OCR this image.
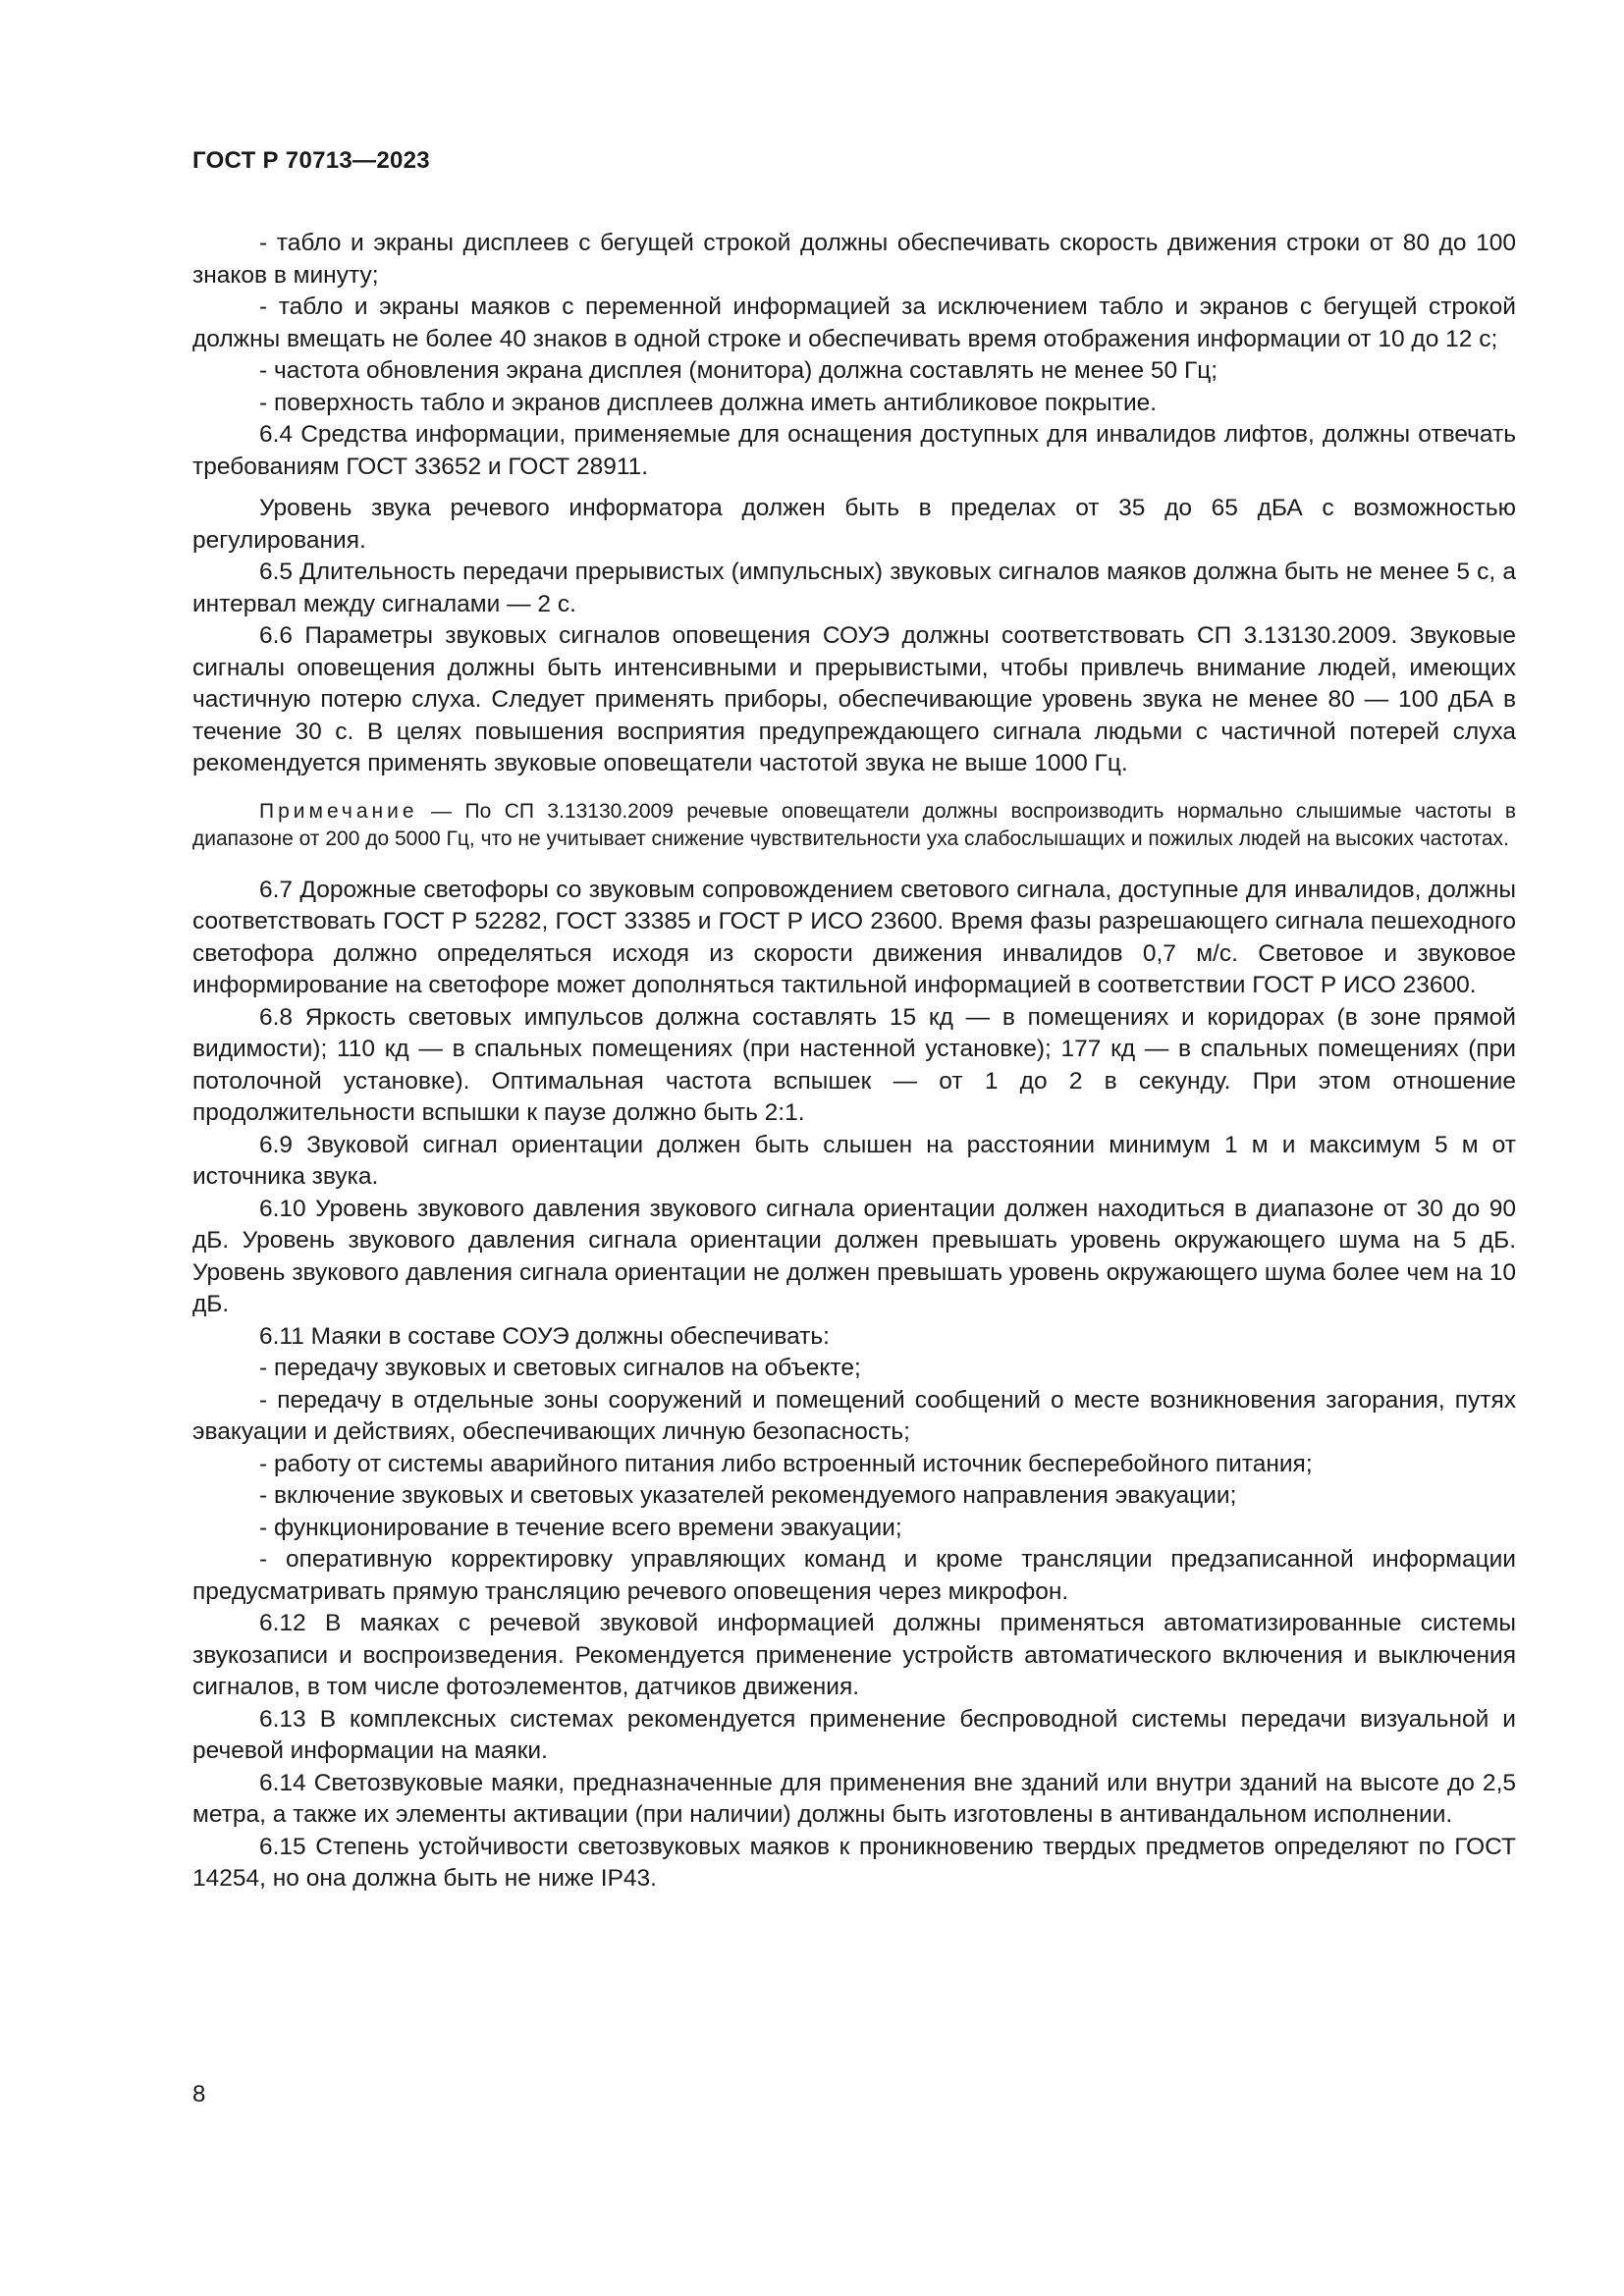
ГОСТ Р 70713—2023

- табло и экраны дисплеев с бегущей строкой должны обеспечивать скорость движения строки от 80 до 100 знаков в минуту;

- табло и экраны маяков с переменной информацией за исключением табло и экранов с бегущей строкой должны вмещать не более 40 знаков в одной строке и обеспечивать время отображения информации от 10 до 12 с;

- частота обновления экрана дисплея (монитора) должна составлять не менее 50 Гц;

- поверхность табло и экранов дисплеев должна иметь антибликовое покрытие.

6.4 Средства информации, применяемые для оснащения доступных для инвалидов лифтов, должны отвечать требованиям ГОСТ 33652 и ГОСТ 28911.

Уровень звука речевого информатора должен быть в пределах от 35 до 65 дБА с возможностью регулирования.

6.5 Длительность передачи прерывистых (импульсных) звуковых сигналов маяков должна быть не менее 5 с, а интервал между сигналами — 2 с.

6.6 Параметры звуковых сигналов оповещения СОУЭ должны соответствовать СП 3.13130.2009. Звуковые сигналы оповещения должны быть интенсивными и прерывистыми, чтобы привлечь внимание людей, имеющих частичную потерю слуха. Следует применять приборы, обеспечивающие уровень звука не менее 80 — 100 дБА в течение 30 с. В целях повышения восприятия предупреждающего сигнала людьми с частичной потерей слуха рекомендуется применять звуковые оповещатели частотой звука не выше 1000 Гц.

Примечание — По СП 3.13130.2009 речевые оповещатели должны воспроизводить нормально слышимые частоты в диапазоне от 200 до 5000 Гц, что не учитывает снижение чувствительности уха слабослышащих и пожилых людей на высоких частотах.

6.7 Дорожные светофоры со звуковым сопровождением светового сигнала, доступные для инвалидов, должны соответствовать ГОСТ Р 52282, ГОСТ 33385 и ГОСТ Р ИСО 23600. Время фазы разрешающего сигнала пешеходного светофора должно определяться исходя из скорости движения инвалидов 0,7 м/с. Световое и звуковое информирование на светофоре может дополняться тактильной информацией в соответствии ГОСТ Р ИСО 23600.

6.8 Яркость световых импульсов должна составлять 15 кд — в помещениях и коридорах (в зоне прямой видимости); 110 кд — в спальных помещениях (при настенной установке); 177 кд — в спальных помещениях (при потолочной установке). Оптимальная частота вспышек — от 1 до 2 в секунду. При этом отношение продолжительности вспышки к паузе должно быть 2:1.

6.9 Звуковой сигнал ориентации должен быть слышен на расстоянии минимум 1 м и максимум 5 м от источника звука.

6.10 Уровень звукового давления звукового сигнала ориентации должен находиться в диапазоне от 30 до 90 дБ. Уровень звукового давления сигнала ориентации должен превышать уровень окружающего шума на 5 дБ. Уровень звукового давления сигнала ориентации не должен превышать уровень окружающего шума более чем на 10 дБ.

6.11 Маяки в составе СОУЭ должны обеспечивать:

- передачу звуковых и световых сигналов на объекте;

- передачу в отдельные зоны сооружений и помещений сообщений о месте возникновения загорания, путях эвакуации и действиях, обеспечивающих личную безопасность;

- работу от системы аварийного питания либо встроенный источник бесперебойного питания;

- включение звуковых и световых указателей рекомендуемого направления эвакуации;

- функционирование в течение всего времени эвакуации;

- оперативную корректировку управляющих команд и кроме трансляции предзаписанной информации предусматривать прямую трансляцию речевого оповещения через микрофон.

6.12 В маяках с речевой звуковой информацией должны применяться автоматизированные системы звукозаписи и воспроизведения. Рекомендуется применение устройств автоматического включения и выключения сигналов, в том числе фотоэлементов, датчиков движения.

6.13 В комплексных системах рекомендуется применение беспроводной системы передачи визуальной и речевой информации на маяки.

6.14 Светозвуковые маяки, предназначенные для применения вне зданий или внутри зданий на высоте до 2,5 метра, а также их элементы активации (при наличии) должны быть изготовлены в антивандальном исполнении.

6.15 Степень устойчивости светозвуковых маяков к проникновению твердых предметов определяют по ГОСТ 14254, но она должна быть не ниже IP43.

8
